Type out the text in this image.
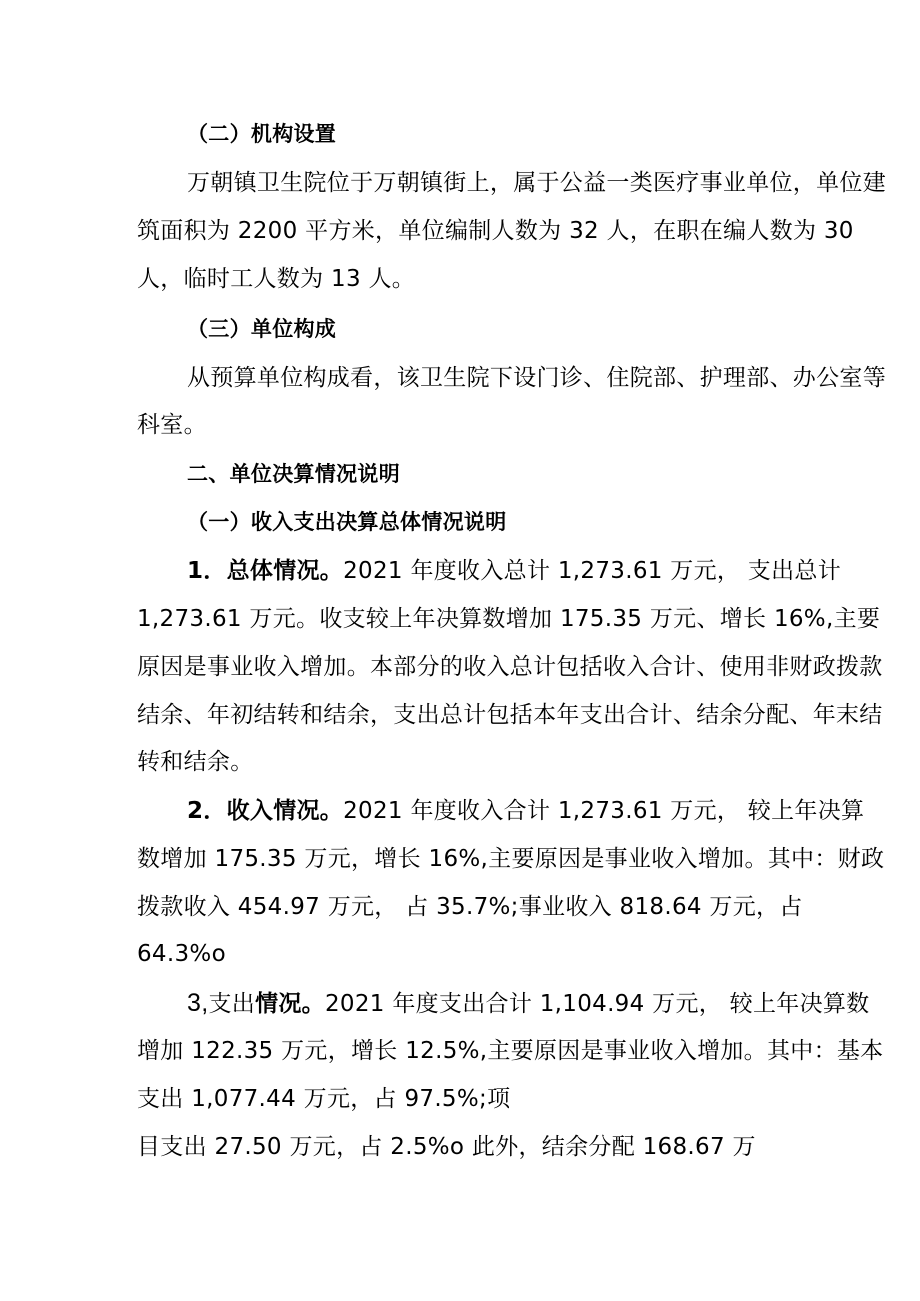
（二）机构设置
万朝镇卫生院位于万朝镇街上，属于公益一类医疗事业单位，单位建
筑面积为 2200 平方米，单位编制人数为 32 人，在职在编人数为 30
人，临时工人数为 13 人。
（三）单位构成
从预算单位构成看，该卫生院下设门诊、住院部、护理部、办公室等
科室。
二、单位决算情况说明
（一）收入支出决算总体情况说明
1．总体情况。2021 年度收入总计 1,273.61 万元， 支出总计
1,273.61 万元。收支较上年决算数增加 175.35 万元、增长 16%,主要
原因是事业收入增加。本部分的收入总计包括收入合计、使用非财政拨款
结余、年初结转和结余，支出总计包括本年支出合计、结余分配、年末结
转和结余。
2．收入情况。2021 年度收入合计 1,273.61 万元， 较上年决算
数增加 175.35 万元，增长 16%,主要原因是事业收入增加。其中：财政
拨款收入 454.97 万元， 占 35.7%;事业收入 818.64 万元，占
64.3%o
3,支出情况。2021 年度支出合计 1,104.94 万元， 较上年决算数
增加 122.35 万元，增长 12.5%,主要原因是事业收入增加。其中：基本
支出 1,077.44 万元，占 97.5%;项
目支出 27.50 万元，占 2.5%o 此外，结余分配 168.67 万
